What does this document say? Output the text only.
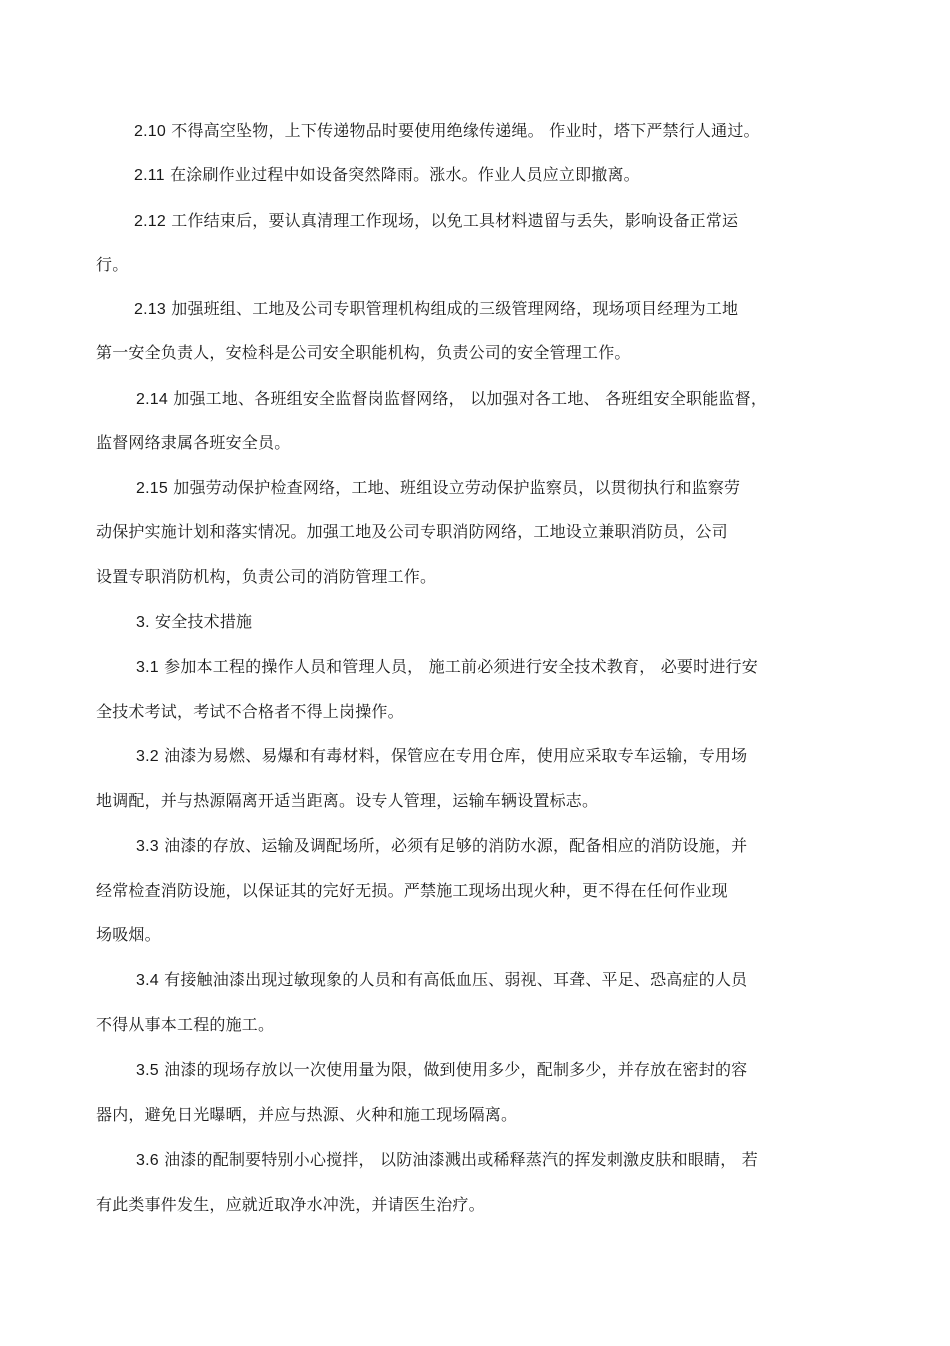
2.10 不得高空坠物，上下传递物品时要使用绝缘传递绳。 作业时，塔下严禁行人通过。
2.11 在涂刷作业过程中如设备突然降雨。涨水。作业人员应立即撤离。
2.12 工作结束后，要认真清理工作现场，以免工具材料遗留与丢失，影响设备正常运
行。
2.13 加强班组、工地及公司专职管理机构组成的三级管理网络，现场项目经理为工地
第一安全负责人，安检科是公司安全职能机构，负责公司的安全管理工作。
2.14 加强工地、各班组安全监督岗监督网络， 以加强对各工地、 各班组安全职能监督，
监督网络隶属各班安全员。
2.15 加强劳动保护检查网络，工地、班组设立劳动保护监察员，以贯彻执行和监察劳
动保护实施计划和落实情况。加强工地及公司专职消防网络，工地设立兼职消防员，公司
设置专职消防机构，负责公司的消防管理工作。
3. 安全技术措施
3.1 参加本工程的操作人员和管理人员， 施工前必须进行安全技术教育， 必要时进行安
全技术考试，考试不合格者不得上岗操作。
3.2 油漆为易燃、易爆和有毒材料，保管应在专用仓库，使用应采取专车运输，专用场
地调配，并与热源隔离开适当距离。设专人管理，运输车辆设置标志。
3.3 油漆的存放、运输及调配场所，必须有足够的消防水源，配备相应的消防设施，并
经常检查消防设施，以保证其的完好无损。严禁施工现场出现火种，更不得在任何作业现
场吸烟。
3.4 有接触油漆出现过敏现象的人员和有高低血压、弱视、耳聋、平足、恐高症的人员
不得从事本工程的施工。
3.5 油漆的现场存放以一次使用量为限，做到使用多少，配制多少，并存放在密封的容
器内，避免日光曝晒，并应与热源、火种和施工现场隔离。
3.6 油漆的配制要特别小心搅拌， 以防油漆溅出或稀释蒸汽的挥发刺激皮肤和眼睛， 若
有此类事件发生，应就近取净水冲洗，并请医生治疗。
